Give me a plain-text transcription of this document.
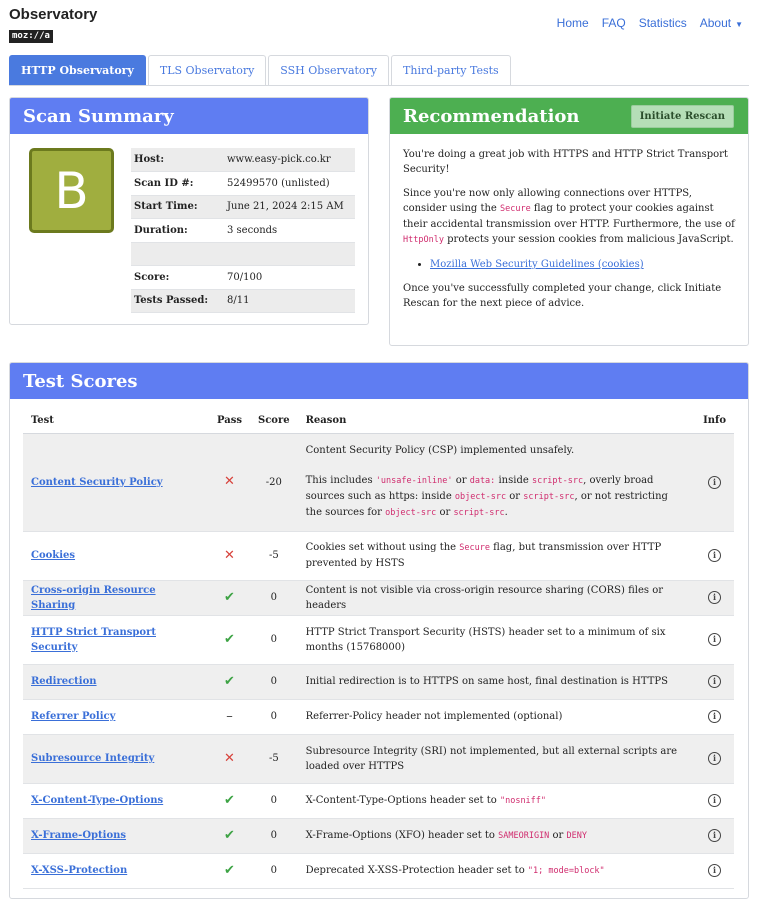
Observatory
moz://a
Home FAQ Statistics About ▼
HTTP Observatory	TLS Observatory	SSH Observatory	Third-party Tests
Scan Summary
B
Host:	www.easy-pick.co.kr
Scan ID #:	52499570 (unlisted)
Start Time:	June 21, 2024 2:15 AM
Duration:	3 seconds

Score:	70/100
Tests Passed:	8/11
Recommendation	Initiate Rescan

You're doing a great job with HTTPS and HTTP Strict Transport Security!

Since you're now only allowing connections over HTTPS, consider using the Secure flag to protect your cookies against their accidental transmission over HTTP. Furthermore, the use of HttpOnly protects your session cookies from malicious JavaScript.

• Mozilla Web Security Guidelines (cookies)

Once you've successfully completed your change, click Initiate Rescan for the next piece of advice.

Test Scores
Test	Pass	Score	Reason	Info
Content Security Policy	✕	-20	Content Security Policy (CSP) implemented unsafely.

This includes 'unsafe-inline' or data: inside script-src, overly broad sources such as https: inside object-src or script-src, or not restricting the sources for object-src or script-src.	i
Cookies	✕	-5	Cookies set without using the Secure flag, but transmission over HTTP prevented by HSTS	i
Cross-origin Resource Sharing	✔	0	Content is not visible via cross-origin resource sharing (CORS) files or headers	i
HTTP Strict Transport Security	✔	0	HTTP Strict Transport Security (HSTS) header set to a minimum of six months (15768000)	i
Redirection	✔	0	Initial redirection is to HTTPS on same host, final destination is HTTPS	i
Referrer Policy	–	0	Referrer-Policy header not implemented (optional)	i
Subresource Integrity	✕	-5	Subresource Integrity (SRI) not implemented, but all external scripts are loaded over HTTPS	i
X-Content-Type-Options	✔	0	X-Content-Type-Options header set to "nosniff"	i
X-Frame-Options	✔	0	X-Frame-Options (XFO) header set to SAMEORIGIN or DENY	i
X-XSS-Protection	✔	0	Deprecated X-XSS-Protection header set to "1; mode=block"	i
